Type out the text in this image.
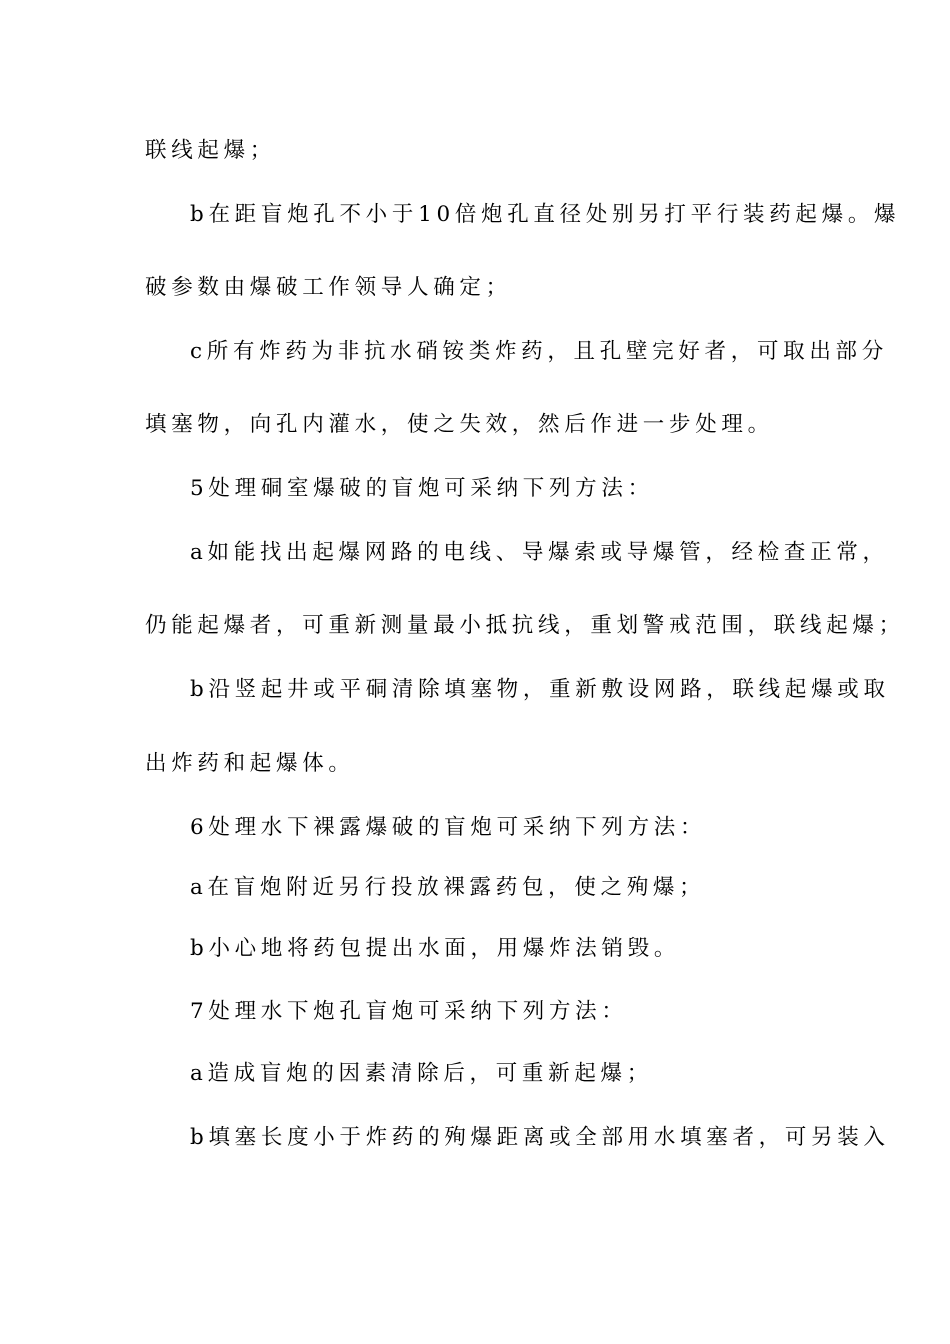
联线起爆；
b在距盲炮孔不小于10倍炮孔直径处别另打平行装药起爆。爆
破参数由爆破工作领导人确定；
c所有炸药为非抗水硝铵类炸药，且孔壁完好者，可取出部分
填塞物，向孔内灌水，使之失效，然后作进一步处理。
5处理硐室爆破的盲炮可采纳下列方法：
a如能找出起爆网路的电线、导爆索或导爆管，经检查正常，
仍能起爆者，可重新测量最小抵抗线，重划警戒范围，联线起爆；
b沿竖起井或平硐清除填塞物，重新敷设网路，联线起爆或取
出炸药和起爆体。
6处理水下裸露爆破的盲炮可采纳下列方法：
a在盲炮附近另行投放裸露药包，使之殉爆；
b小心地将药包提出水面，用爆炸法销毁。
7处理水下炮孔盲炮可采纳下列方法：
a造成盲炮的因素清除后，可重新起爆；
b填塞长度小于炸药的殉爆距离或全部用水填塞者，可另装入
